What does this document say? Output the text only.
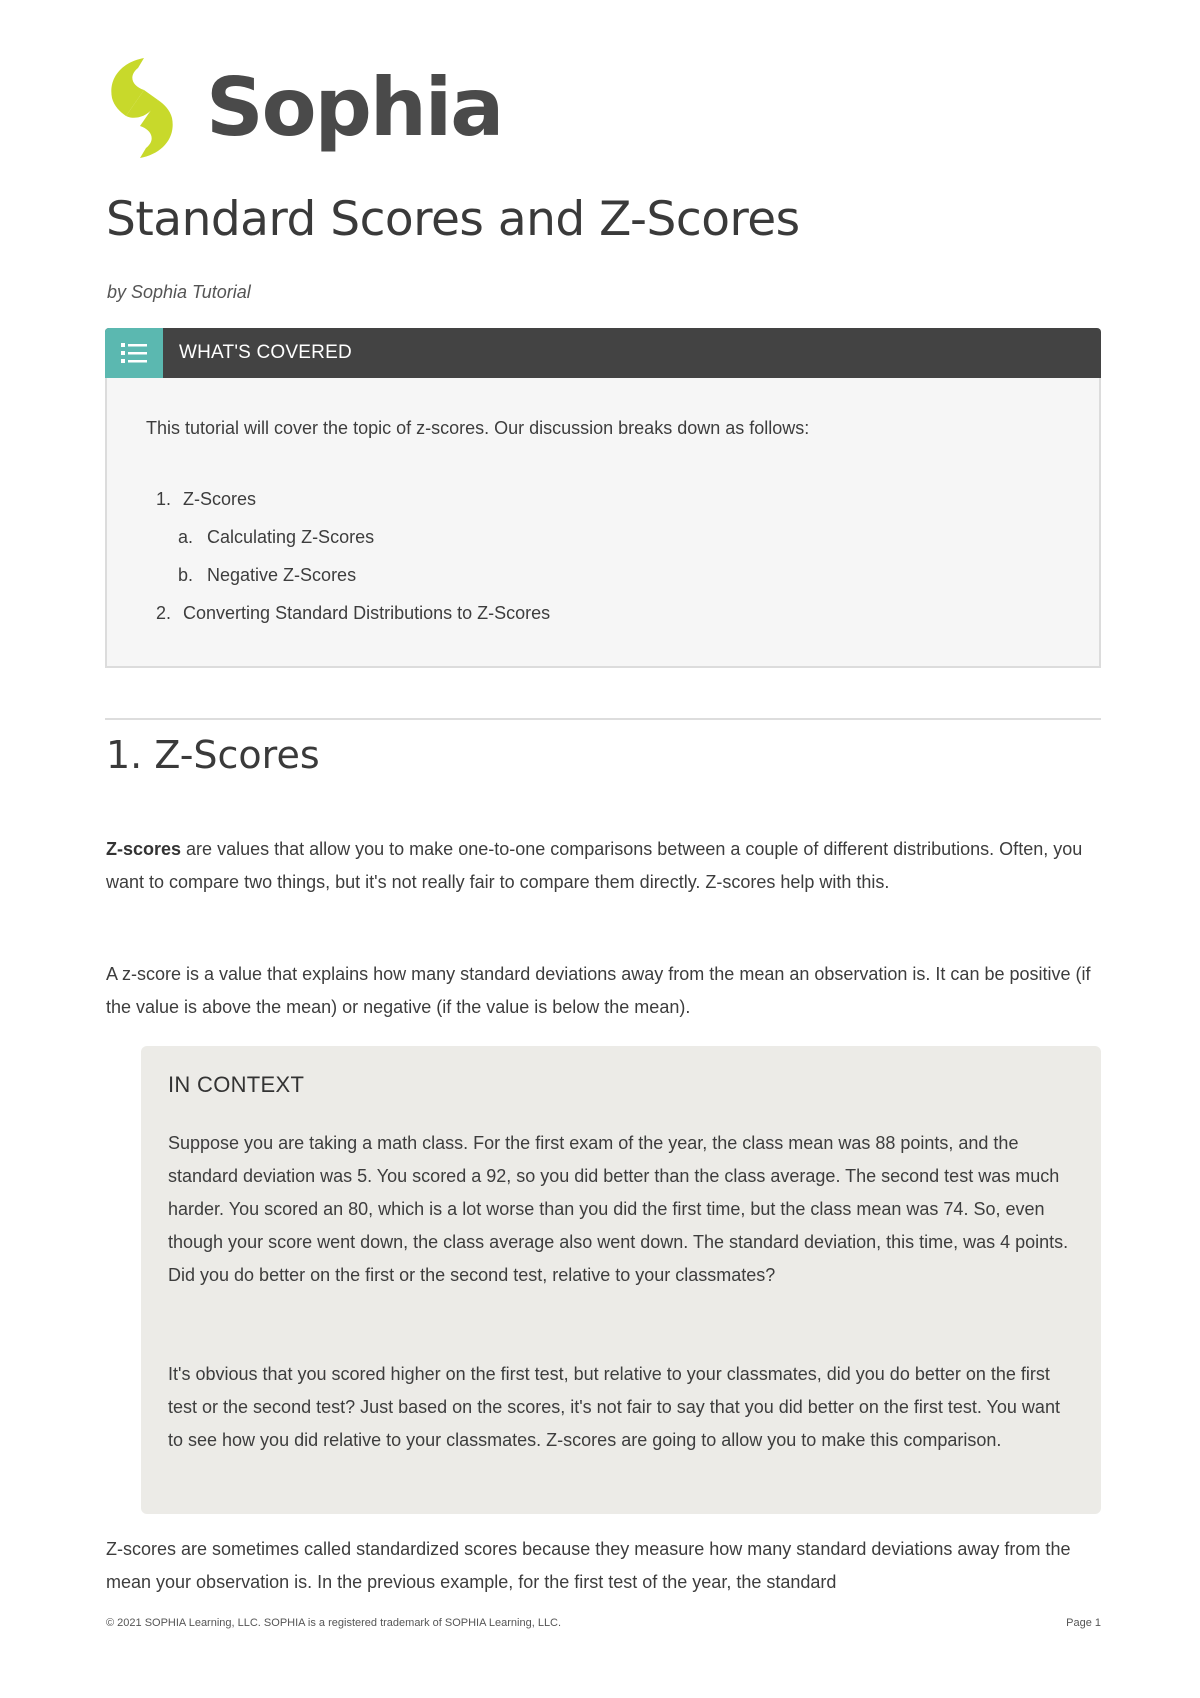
Sophia
Standard Scores and Z-Scores

by Sophia Tutorial

WHAT'S COVERED

This tutorial will cover the topic of z-scores. Our discussion breaks down as follows:

1. Z-Scores
a. Calculating Z-Scores
b. Negative Z-Scores
2. Converting Standard Distributions to Z-Scores
1. Z-Scores

Z-scores are values that allow you to make one-to-one comparisons between a couple of different distributions. Often, you want to compare two things, but it's not really fair to compare them directly. Z-scores help with this.

A z-score is a value that explains how many standard deviations away from the mean an observation is. It can be positive (if the value is above the mean) or negative (if the value is below the mean).

IN CONTEXT

Suppose you are taking a math class. For the first exam of the year, the class mean was 88 points, and the standard deviation was 5. You scored a 92, so you did better than the class average. The second test was much harder. You scored an 80, which is a lot worse than you did the first time, but the class mean was 74. So, even though your score went down, the class average also went down. The standard deviation, this time, was 4 points. Did you do better on the first or the second test, relative to your classmates?

It's obvious that you scored higher on the first test, but relative to your classmates, did you do better on the first test or the second test? Just based on the scores, it's not fair to say that you did better on the first test. You want to see how you did relative to your classmates. Z-scores are going to allow you to make this comparison.

Z-scores are sometimes called standardized scores because they measure how many standard deviations away from the mean your observation is. In the previous example, for the first test of the year, the standard

© 2021 SOPHIA Learning, LLC. SOPHIA is a registered trademark of SOPHIA Learning, LLC.	Page 1
